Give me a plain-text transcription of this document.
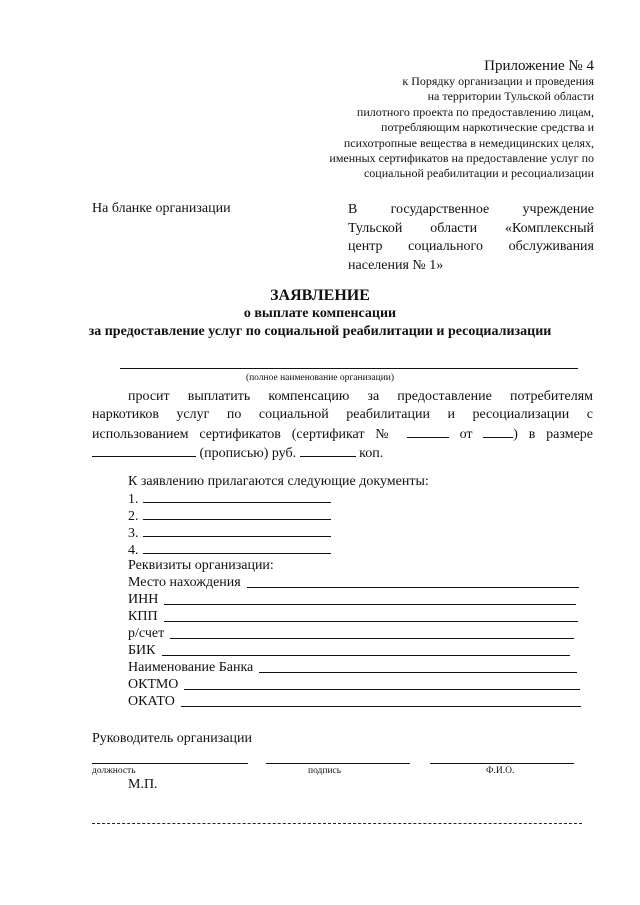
Приложение № 4
к Порядку организации и проведения
на территории Тульской области
пилотного проекта по предоставлению лицам,
потребляющим наркотические средства и
психотропные вещества в немедицинских целях,
именных сертификатов на предоставление услуг по
социальной реабилитации и ресоциализации
На бланке организации	В государственное учреждение
Тульской области «Комплексный
центр социального обслуживания
населения № 1»
ЗАЯВЛЕНИЕ
о выплате компенсации
за предоставление услуг по социальной реабилитации и ресоциализации
(полное наименование организации)
просит выплатить компенсацию за предоставление потребителям
наркотиков услуг по социальной реабилитации и ресоциализации с
использованием сертификатов (сертификат №	от	) в размере
(прописью) руб.	коп.
К заявлению прилагаются следующие документы:
1.
2.
3.
4.
Реквизиты организации:
Место нахождения
ИНН
КПП
р/счет
БИК
Наименование Банка
ОКТМО
ОКАТО
Руководитель организации
должность	подпись	Ф.И.О.
М.П.
